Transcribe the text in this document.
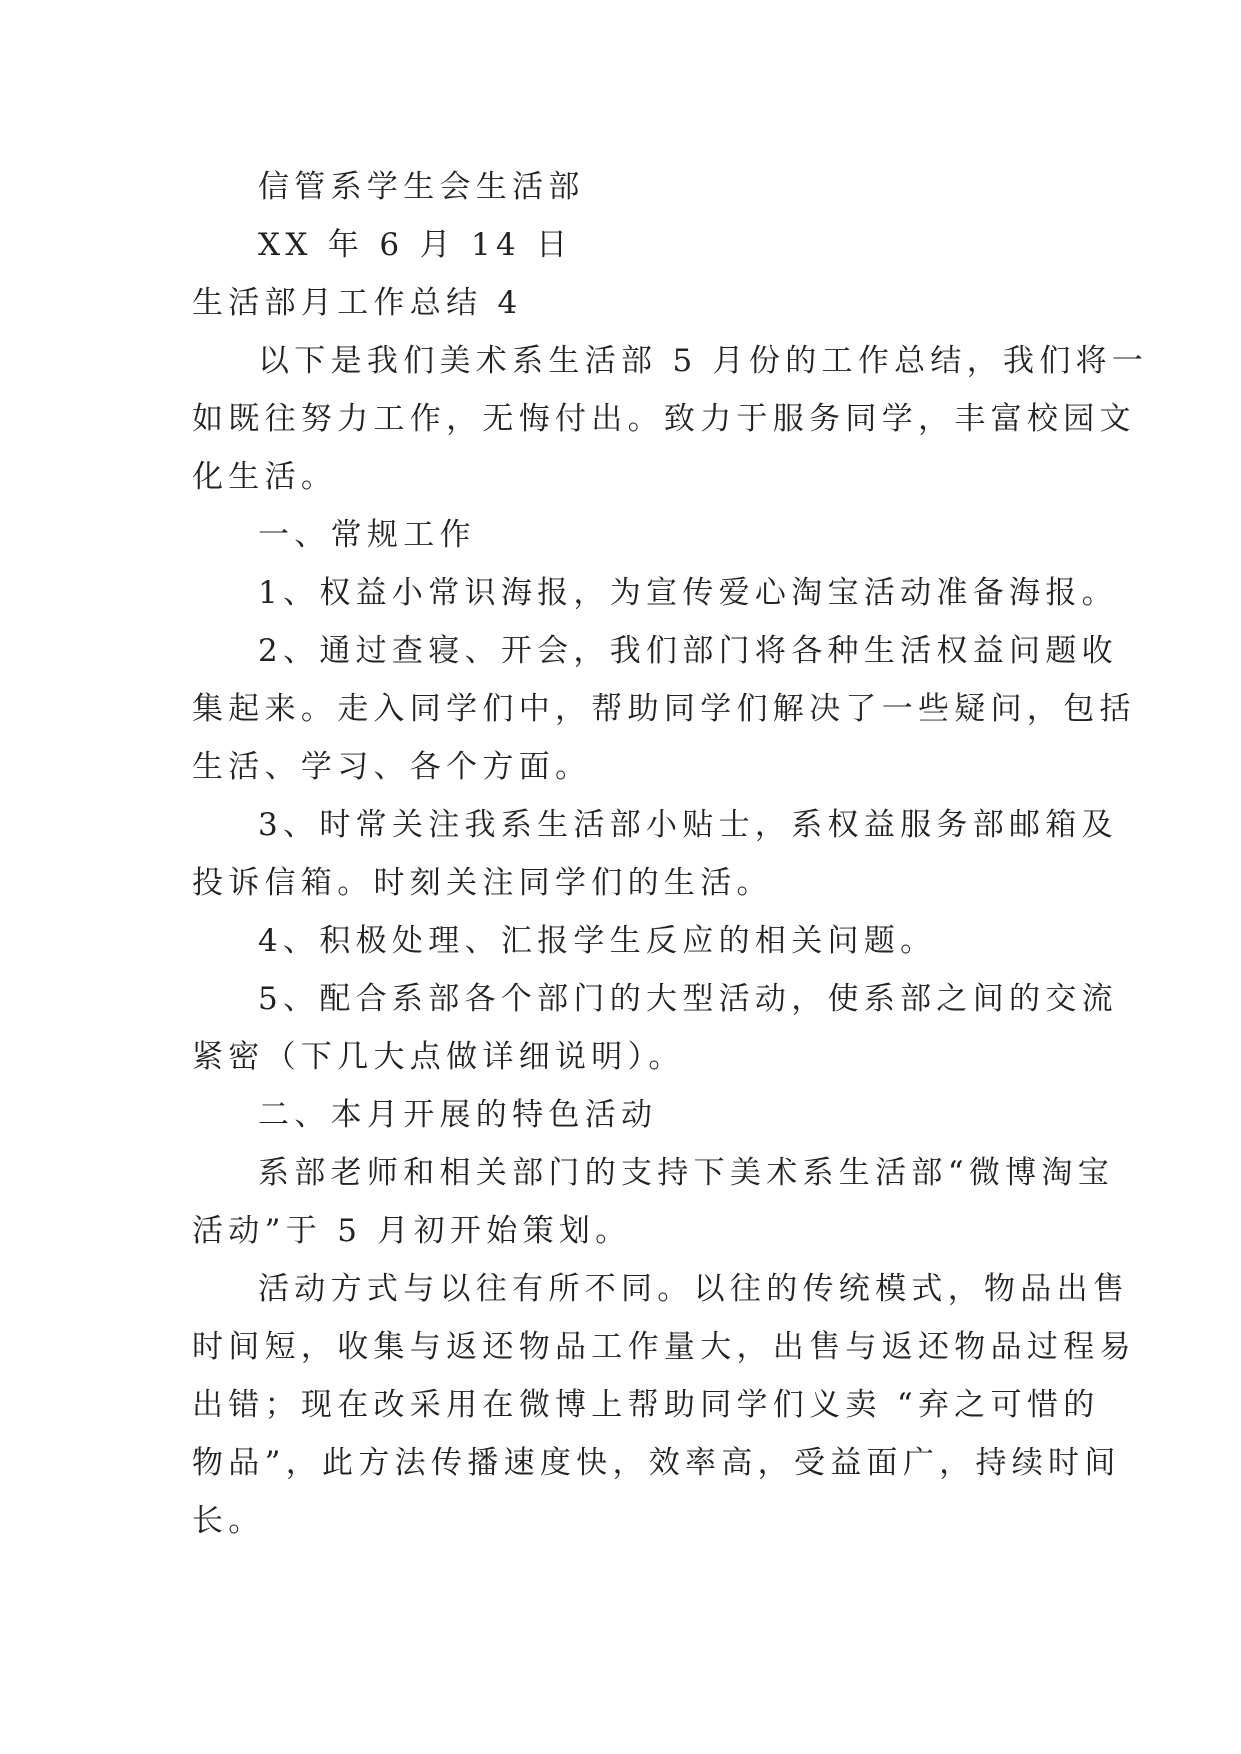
信管系学生会生活部
XX 年 6 月 14 日
生活部月工作总结 4
以下是我们美术系生活部 5 月份的工作总结，我们将一
如既往努力工作，无悔付出。致力于服务同学，丰富校园文
化生活。
一、常规工作
1、权益小常识海报，为宣传爱心淘宝活动准备海报。
2、通过查寝、开会，我们部门将各种生活权益问题收
集起来。走入同学们中，帮助同学们解决了一些疑问，包括
生活、学习、各个方面。
3、时常关注我系生活部小贴士，系权益服务部邮箱及
投诉信箱。时刻关注同学们的生活。
4、积极处理、汇报学生反应的相关问题。
5、配合系部各个部门的大型活动，使系部之间的交流
紧密（下几大点做详细说明）。
二、本月开展的特色活动
系部老师和相关部门的支持下美术系生活部“微博淘宝
活动”于 5 月初开始策划。
活动方式与以往有所不同。以往的传统模式，物品出售
时间短，收集与返还物品工作量大，出售与返还物品过程易
出错；现在改采用在微博上帮助同学们义卖 “弃之可惜的
物品”，此方法传播速度快，效率高，受益面广，持续时间
长。
